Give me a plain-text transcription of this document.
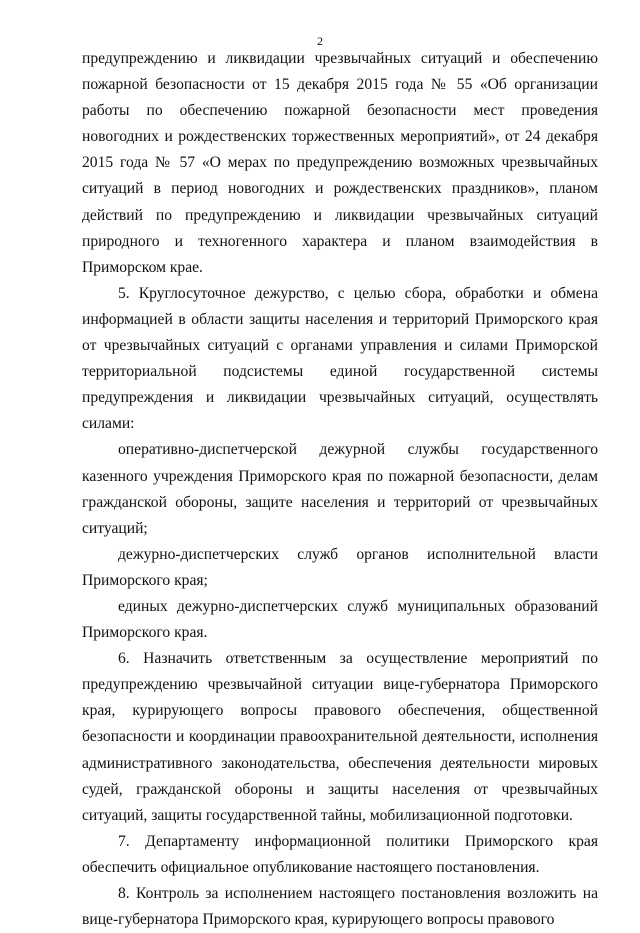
2

предупреждению и ликвидации чрезвычайных ситуаций и обеспечению пожарной безопасности от 15 декабря 2015 года № 55 «Об организации работы по обеспечению пожарной безопасности мест проведения новогодних и рождественских торжественных мероприятий», от 24 декабря 2015 года № 57 «О мерах по предупреждению возможных чрезвычайных ситуаций в период новогодних и рождественских праздников», планом действий по предупреждению и ликвидации чрезвычайных ситуаций природного и техногенного характера и планом взаимодействия в Приморском крае.

5. Круглосуточное дежурство, с целью сбора, обработки и обмена информацией в области защиты населения и территорий Приморского края от чрезвычайных ситуаций с органами управления и силами Приморской территориальной подсистемы единой государственной системы предупреждения и ликвидации чрезвычайных ситуаций, осуществлять силами:

оперативно-диспетчерской дежурной службы государственного казенного учреждения Приморского края по пожарной безопасности, делам гражданской обороны, защите населения и территорий от чрезвычайных ситуаций;

дежурно-диспетчерских служб органов исполнительной власти Приморского края;

единых дежурно-диспетчерских служб муниципальных образований Приморского края.

6. Назначить ответственным за осуществление мероприятий по предупреждению чрезвычайной ситуации вице-губернатора Приморского края, курирующего вопросы правового обеспечения, общественной безопасности и координации правоохранительной деятельности, исполнения административного законодательства, обеспечения деятельности мировых судей, гражданской обороны и защиты населения от чрезвычайных ситуаций, защиты государственной тайны, мобилизационной подготовки.

7. Департаменту информационной политики Приморского края обеспечить официальное опубликование настоящего постановления.

8. Контроль за исполнением настоящего постановления возложить на вице-губернатора Приморского края, курирующего вопросы правового
